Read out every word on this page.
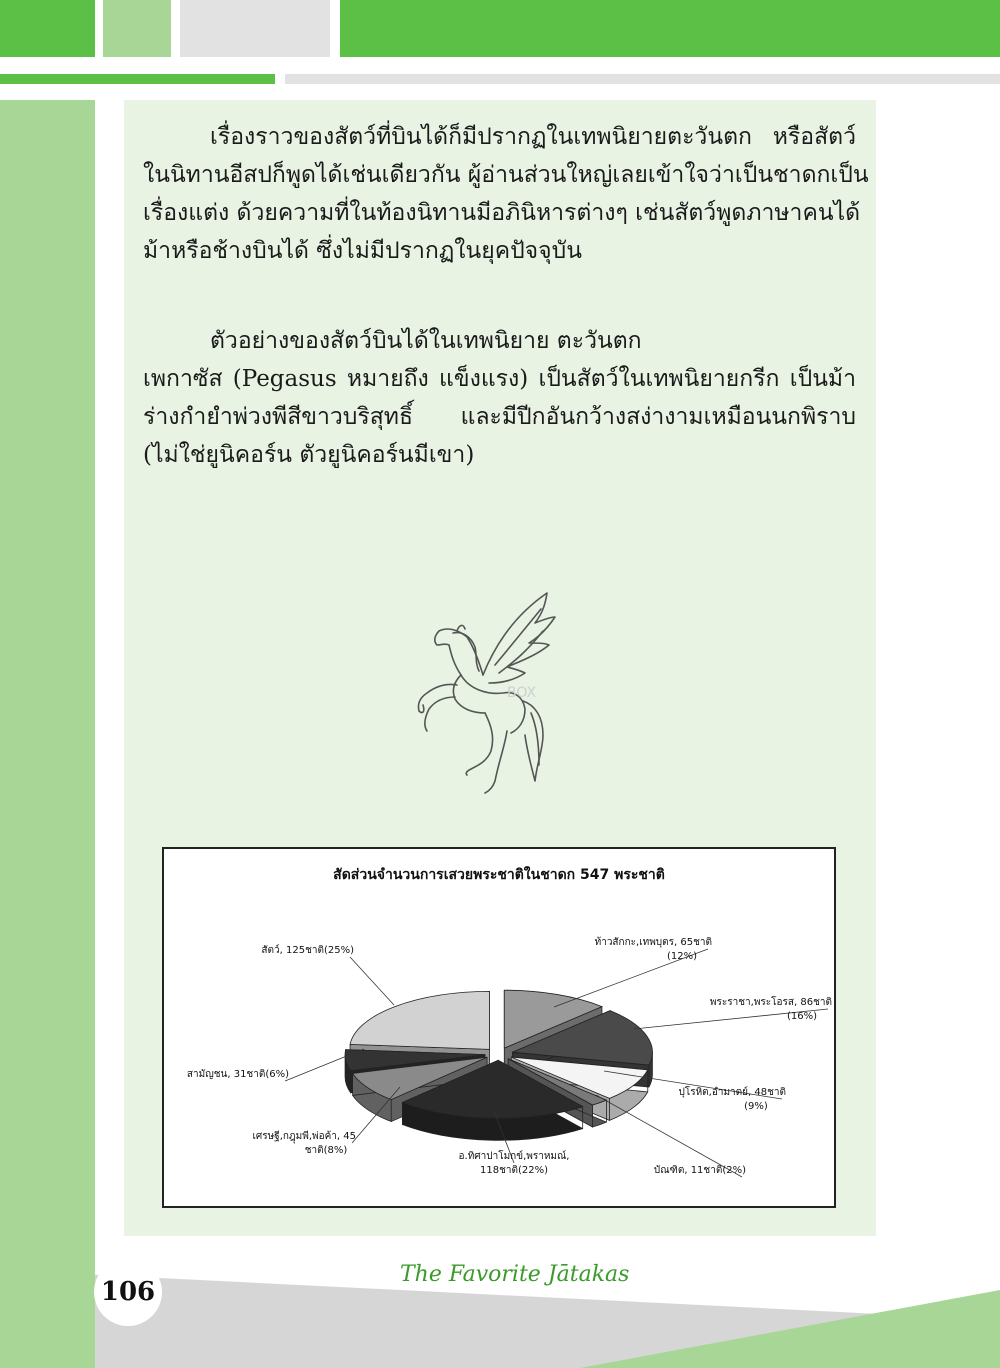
เรื่องราวของสัตว์ที่บินได้ก็มีปรากฏในเทพนิยายตะวันตก หรือสัตว์
ในนิทานอีสปก็พูดได้เช่นเดียวกัน ผู้อ่านส่วนใหญ่เลยเข้าใจว่าเป็นชาดกเป็น
เรื่องแต่ง ด้วยความที่ในท้องนิทานมีอภินิหารต่างๆ เช่นสัตว์พูดภาษาคนได้
ม้าหรือช้างบินได้ ซึ่งไม่มีปรากฏในยุคปัจจุบัน
ตัวอย่างของสัตว์บินได้ในเทพนิยาย ตะวันตก
เพกาซัส (Pegasus หมายถึง แข็งแรง) เป็นสัตว์ในเทพนิยายกรีก เป็นม้า
ร่างกำยำพ่วงพีสีขาวบริสุทธิ์ และมีปีกอันกว้างสง่างามเหมือนนกพิราบ
(ไม่ใช่ยูนิคอร์น ตัวยูนิคอร์นมีเขา)
BOX
สัดส่วนจำนวนการเสวยพระชาติในชาดก 547 พระชาติ
ท้าวสักกะ,เทพบุตร, 65ชาติ
(12%)
พระราชา,พระโอรส, 86ชาติ
(16%)
ปุโรหิต,อำมาตย์, 48ชาติ
(9%)
บัณฑิต, 11ชาติ(2%)
อ.ทิศาปาโมกข์,พราหมณ์,
118ชาติ(22%)
เศรษฐี,กฎุมพี,พ่อค้า, 45
ชาติ(8%)
สามัญชน, 31ชาติ(6%)
สัตว์, 125ชาติ(25%)
106
The Favorite Jātakas
